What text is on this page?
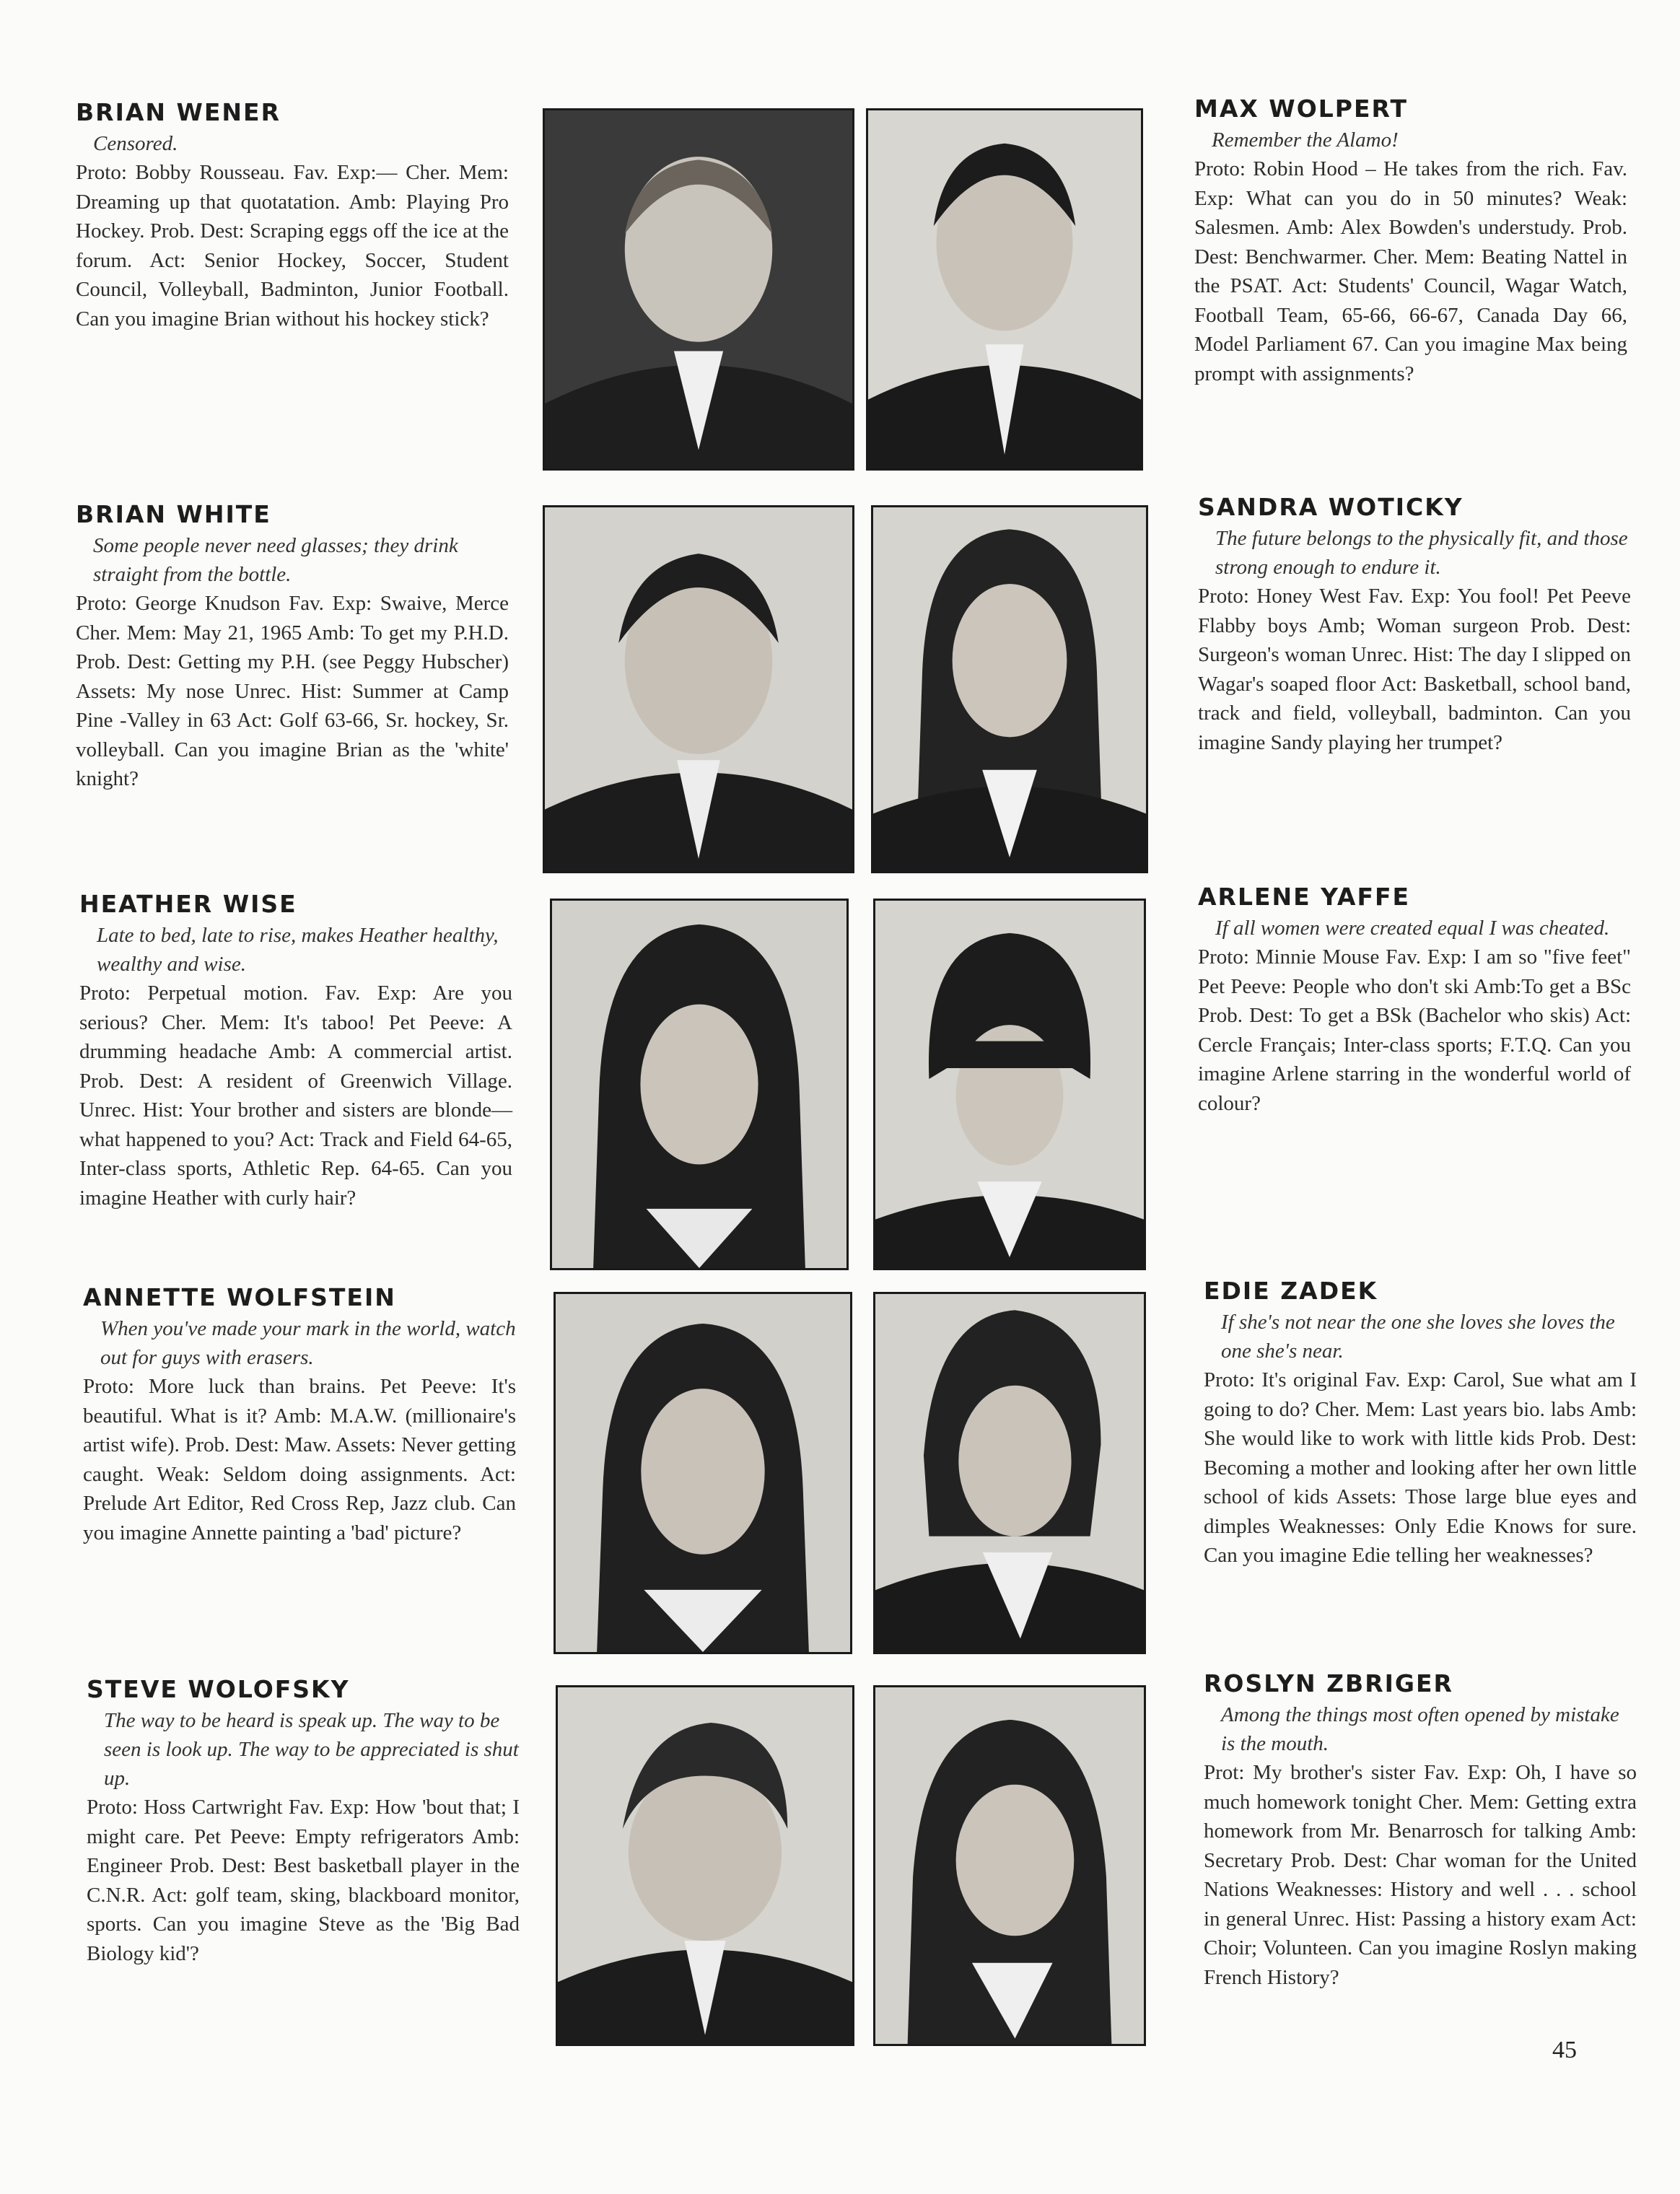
BRIAN WENER
Censored.
Proto: Bobby Rousseau. Fav. Exp:— Cher. Mem: Dreaming up that quotatation. Amb: Playing Pro Hockey. Prob. Dest: Scraping eggs off the ice at the forum. Act: Senior Hockey, Soccer, Student Council, Volleyball, Badminton, Junior Football. Can you imagine Brian without his hockey stick?
MAX WOLPERT
Remember the Alamo!
Proto: Robin Hood – He takes from the rich. Fav. Exp: What can you do in 50 minutes? Weak: Salesmen. Amb: Alex Bowden's understudy. Prob. Dest: Benchwarmer. Cher. Mem: Beating Nattel in the PSAT. Act: Students' Council, Wagar Watch, Football Team, 65-66, 66-67, Canada Day 66, Model Parliament 67. Can you imagine Max being prompt with assignments?
BRIAN WHITE
Some people never need glasses; they drink straight from the bottle.
Proto: George Knudson Fav. Exp: Swaive, Merce Cher. Mem: May 21, 1965 Amb: To get my P.H.D. Prob. Dest: Getting my P.H. (see Peggy Hubscher) Assets: My nose Unrec. Hist: Summer at Camp Pine -Valley in 63 Act: Golf 63-66, Sr. hockey, Sr. volleyball. Can you imagine Brian as the 'white' knight?
SANDRA WOTICKY
The future belongs to the physically fit, and those strong enough to endure it.
Proto: Honey West Fav. Exp: You fool! Pet Peeve Flabby boys Amb; Woman surgeon Prob. Dest: Surgeon's woman Unrec. Hist: The day I slipped on Wagar's soaped floor Act: Basketball, school band, track and field, volleyball, badminton. Can you imagine Sandy playing her trumpet?
HEATHER WISE
Late to bed, late to rise, makes Heather healthy, wealthy and wise.
Proto: Perpetual motion. Fav. Exp: Are you serious? Cher. Mem: It's taboo! Pet Peeve: A drumming headache Amb: A commercial artist. Prob. Dest: A resident of Greenwich Village. Unrec. Hist: Your brother and sisters are blonde—what happened to you? Act: Track and Field 64-65, Inter-class sports, Athletic Rep. 64-65. Can you imagine Heather with curly hair?
ARLENE YAFFE
If all women were created equal I was cheated.
Proto: Minnie Mouse Fav. Exp: I am so "five feet" Pet Peeve: People who don't ski Amb:To get a BSc Prob. Dest: To get a BSk (Bachelor who skis) Act: Cercle Français; Inter-class sports; F.T.Q. Can you imagine Arlene starring in the wonderful world of colour?
ANNETTE WOLFSTEIN
When you've made your mark in the world, watch out for guys with erasers.
Proto: More luck than brains. Pet Peeve: It's beautiful. What is it? Amb: M.A.W. (millionaire's artist wife). Prob. Dest: Maw. Assets: Never getting caught. Weak: Seldom doing assignments. Act: Prelude Art Editor, Red Cross Rep, Jazz club. Can you imagine Annette painting a 'bad' picture?
EDIE ZADEK
If she's not near the one she loves she loves the one she's near.
Proto: It's original Fav. Exp: Carol, Sue what am I going to do? Cher. Mem: Last years bio. labs Amb: She would like to work with little kids Prob. Dest: Becoming a mother and looking after her own little school of kids Assets: Those large blue eyes and dimples Weaknesses: Only Edie Knows for sure. Can you imagine Edie telling her weaknesses?
STEVE WOLOFSKY
The way to be heard is speak up. The way to be seen is look up. The way to be appreciated is shut up.
Proto: Hoss Cartwright Fav. Exp: How 'bout that; I might care. Pet Peeve: Empty refrigerators Amb: Engineer Prob. Dest: Best basketball player in the C.N.R. Act: golf team, sking, blackboard monitor, sports. Can you imagine Steve as the 'Big Bad Biology kid'?
ROSLYN ZBRIGER
Among the things most often opened by mistake is the mouth.
Prot: My brother's sister Fav. Exp: Oh, I have so much homework tonight Cher. Mem: Getting extra homework from Mr. Benarrosch for talking Amb: Secretary Prob. Dest: Char woman for the United Nations Weaknesses: History and well . . . school in general Unrec. Hist: Passing a history exam Act: Choir; Volunteen. Can you imagine Roslyn making French History?
45
